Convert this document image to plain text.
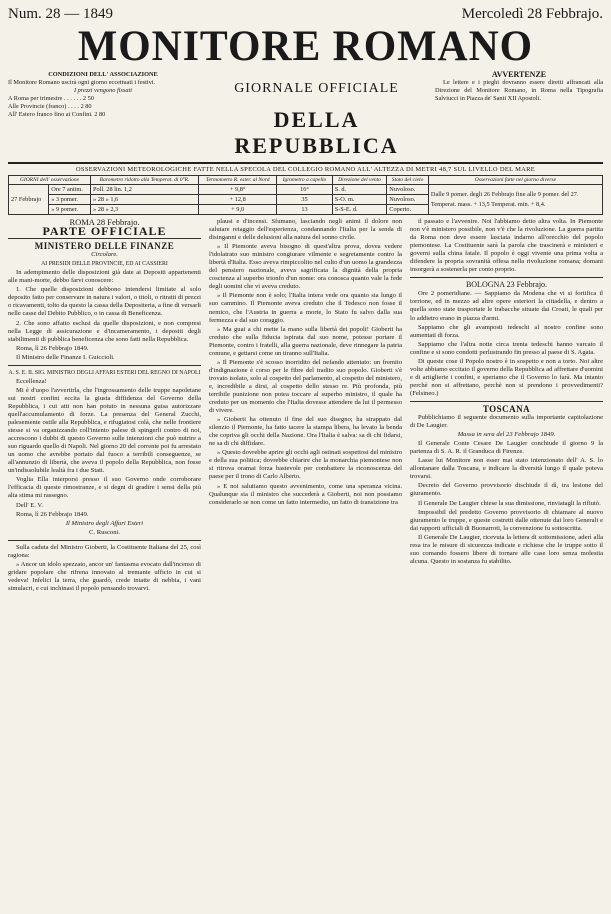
Num. 28 — 1849	Mercoledì 28 Febbrajo.
MONITORE ROMANO
CONDIZIONI DELL' ASSOCIAZIONE
Il Monitore Romano uscirà ogni giorno eccettuati i festivi.
I prezzi vengono fissati
A Roma per trimestre . . . . . . 2 50
Alle Provincie (franco) . . . . 2 80
All' Estero franco fino ai Confini. 2 80
GIORNALE OFFICIALE
DELLA REPUBBLICA
AVVERTENZE
Le lettere e i pieghi dovranno essere diretti affrancati alla Direzione del Monitore Romano, in Roma nella Tipografia Salviucci in Piazza de' Santi XII Apostoli.
OSSERVAZIONI METEOROLOGICHE FATTE NELLA SPECOLA DEL COLLEGIO ROMANO ALL' ALTEZZA DI METRI 48,7 SUL LIVELLO DEL MARE
GIORNI dell' osservazione		Barometro ridotto alla Temperat. di 0°R.	Termometro R. ester. al Nord	Igrometro a capello	Direzione del vento	Stato del cielo	Osservazioni fatte nel giorno diverse
27 Febbrajo	Ore 7 antim.	Poll. 28 lin. 1,2	+ 9,8°	16°	S. d.	Nuvoloso.	Dalle 9 pomer. degli 26 Febbrajo fine alle 9 pomer. del 27.
Temperat. mass. + 13,5 Temperat. min. + 8,4.

	» 3 pomer.	» 28 » 1,6	+ 12,8	35	S-O. m.	Nuvoloso.	
	» 9 pomer.	» 28 » 2,3	+ 9,0	13	S-S-E. d.	Coperto.	

ROMA 28 Febbrajo.

PARTE OFFICIALE

MINISTERO DELLE FINANZE

Circolare.

AI PRESIDI DELLE PROVINCIE, ED AI CASSIERI

In adempimento delle disposizioni già date ai Depositi appartenenti alle mani-morte, debbo farvi conoscere:

1. Che quelle disposizioni debbono intendersi limitate al solo deposito fatto per conservare in natura i valori, o titoli, o ritratti di prezzi o ricavamenti, tolto da questo la cassa della Depositeria, a fine di versarli nelle casse del Debito Pubblico, o in cassa di Beneficenza.

2. Che sono affatto esclusi da quelle disposizioni, e non compresi nella Legge di assicurazione e d'incameramento, i depositi degli stabilimenti di pubblica beneficenza che sono fatti nella Repubblica.

Roma, lì 26 Febbrajo 1849.

Il Ministro delle Finanze I. Guiccioli.

A. S. E. IL SIG. MINISTRO DEGLI AFFARI ESTERI DEL REGNO DI NAPOLI

Eccellenza!

Mi è d'uopo l'avvertirla, che l'ingrossamento delle truppe napoletane sui nostri confini eccita la giusta diffidenza del Governo della Repubblica, i cui atti non han potuto in nessuna guisa autorizzare quell'accumulamento di forze. La presenza del General Zucchi, palesemente ostile alla Repubblica, e rifugiatosi colà, che nelle frontiere stesse si va organizzando coll'intento palese di spingerli contro di noi, accrescono i dubbi di questo Governo sulle intenzioni che può nutrire a suo riguardo quello di Napoli. Nel giorno 20 del corrente poi fu arrestato un uomo che avrebbe portato dal fuoco a terribili conseguenze, se all'annunzio di libertà, che aveva il popolo della Repubblica, non fosse un'indissolubile lealtà fra i due Stati.

Voglia Ella interporsi presso il suo Governo onde corroborare l'efficacia di queste rimostranze, e si degni di gradire i sensi della più alta stima mi rassegno.

Dell' E. V.

Roma, lì 26 Febbrajo 1849.

Il Ministro degli Affari Esteri

C. Rusconi.

Sulla caduta del Ministro Gioberti, la Costituente Italiana del 25, così ragiona:

» Ancor un idolo spezzato, ancor un' fantasma evocato dall'incenso di gridare popolare che rifrena innovato al tremante ufficio in cui si vedeva! Infelici la terra, che guardò, crede intatte di nebbia, i vani simulacri, e cui inchinasi il popolo pensando trovarvi.

plausi e d'incensi. Sfumano, lasciando negli animi il dolore non salutare retaggio dell'esperienza, condannando l'Italia per la senda di disinganni e delle delusioni alla natura del sonno civile.

» Il Piemonte aveva bisogno di quest'altra prova, dovea vedere l'idolatrato suo ministro congiurare vilmente e segretamente contro la libertà d'Italia. Esso aveva rimpiccolito nel culto d'un uomo la grandezza del pensiero nazionale, aveva sagrificata la dignità della propria coscienza al superbo trionfo d'un nome: ora conosca quanto vale la fede degli uomini che vi aveva creduto.

» Il Piemonte non è solo; l'Italia intera vede ora quanto sia lungo il suo cammino. Il Piemonte aveva creduto che il Tedesco non fosse il nemico, che l'Austria in guerra a morte, lo Stato fu salvo dalla sua fermezza e dal suo coraggio.

» Ma guai a chi mette la mano sulla libertà dei popoli! Gioberti ha creduto che sulla fiducia ispirata dal suo nome, potesse portare il Piemonte, contro i fratelli, alla guerra nazionale, deve rinnegare la patria comune, e gettarsi come un tiranno sull'Italia.

» Il Piemonte s'è scosso inorridito del nefando attentato: un fremito d'indignazione è corso per le fibre del tradito suo popolo. Gioberti s'è trovato isolato, solo al cospetto del parlamento, al cospetto del ministero, e, incredibile a dirsi, al cospetto dello stesso re. Più profonda, più terribile punizione non potea toccare al superbo ministro, il quale ha creduto per un momento che l'Italia dovesse attendere da lui il permesso di vivere.

» Gioberti ha ottenuto il fine del suo disegno; ha strappato dal silenzio il Piemonte, ha fatto tacere la stampa libera, ha levato la benda che copriva gli occhi della Nazione. Ora l'Italia è salva: sa di chi fidarsi, ne sa di chi diffidare.

» Questo dovrebbe aprire gli occhi agli ostinati sospettosi del ministro e della sua politica; dovrebbe chiarire che la monarchia piemontese non si ritrova oramai forza bastevole per combattere la riconoscenza del paese per il trono di Carlo Alberto.

» E noi salutiamo questo avvenimento, come una speranza vicina. Qualunque sia il ministro che succederà a Gioberti, noi non possiamo considerarlo se non come un fatto intermedio, un fatto di transizione tra

il passato e l'avvenire. Noi l'abbiamo detto altra volta. In Piemonte non v'è ministero possibile, non v'è che la rivoluzione. La guerra partita da Roma non deve essere lasciata indarno all'orecchio del popolo piemontese. La Costituente sarà la parola che trascinerà e ministeri e governi sulla china fatale. Il popolo è oggi vivente una prima volta a difendere la propria sovranità offesa nella rivoluzione romana; domani insorgerà a sostenerla per conto proprio.

BOLOGNA 23 Febbrajo.

Ore 2 pomeridiane. — Sappiamo da Modena che vi si fortifica il torrione, ed in mezzo ad altre opere esteriori la cittadella, e dentro a quella sono state trasportate le trabacche situate dai Croati, le quali per lo addietro erano in piazza d'armi.

Sappiamo che gli avamposti tedeschi al nostro confine sono aumentati di forza.

Sappiamo che l'altra notte circa trenta tedeschi hanno varcato il confine e si sono condotti perlustrando fin presso al paese di S. Agata.

Di queste cose il Popolo nostro è in sospetto e non a torto. Noi altre volte abbiamo eccitato il governo della Repubblica ad affrettare d'uomini e di artiglierie i confini, e speriamo che il Governo lo farà. Ma intanto perchè non si affrettano, perchè non si prendono i provvedimenti? (Felsineo.)

TOSCANA

Pubblichiamo il seguente documento sulla importante capitolazione di De Laugier.

Massa in sera del 23 Febbrajo 1849.

Il Generale Conte Cesare De Laugier conchiude il giorno 9 la partenza di S. A. R. il Granduca di Firenze.

Lasse lui Monitore non esser mai stato intenzionato dell' A. S. lo allontanare dalla Toscana, e indicare la diversità lungo il quale poteva trovarsi.

Decreto del Governo provvisorio dischiude il dì, tra lesione del giuramento.

Il Generale De Laugier chiese la sua dimissione, rinviatagli la rifiutò.

Impossibil del predetto Governo provvisorio di chiamare al nuovo giuramento le truppe, e queste costretti dalle ottenute dai loro Generali e dai rapporti ufficiali di Buonarroti, la convenzione fu sottoscritta.

Il Generale De Laugier, ricevuta la lettera di sottomissione, aderì alla resa tra le misure di sicurezza indicate e richiese che le truppe sotto il suo comando fossero libere di tornare alle case loro senza molestia alcuna. Questo in sostanza fu stabilito.
